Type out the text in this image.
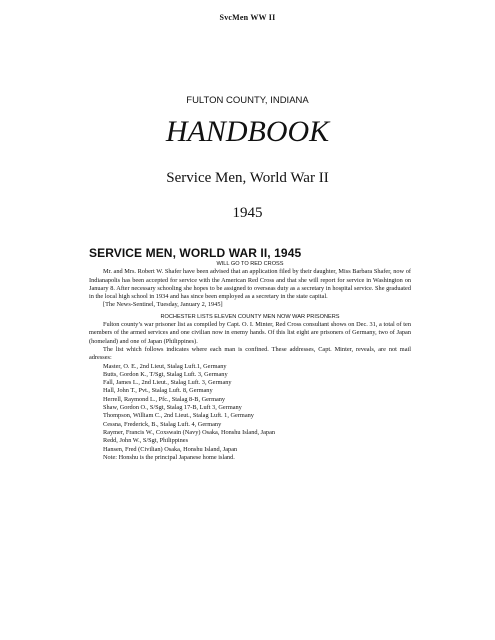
SvcMen WW II
FULTON COUNTY, INDIANA
HANDBOOK
Service Men, World War II
1945
SERVICE MEN, WORLD WAR II, 1945
WILL GO TO RED CROSS

Mr. and Mrs. Robert W. Shafer have been advised that an application filed by their daughter, Miss Barbara Shafer, now of Indianapolis has been accepted for service with the American Red Cross and that she will report for service in Washington on January 8. After necessary schooling she hopes to be assigned to overseas duty as a secretary in hospital service. She graduated in the local high school in 1934 and has since been employed as a secretary in the state capital.

[The News-Sentinel, Tuesday, January 2, 1945]

ROCHESTER LISTS ELEVEN COUNTY MEN NOW WAR PRISONERS

Fulton county’s war prisoner list as compiled by Capt. O. I. Minter, Red Cross consultant shows on Dec. 31, a total of ten members of the armed services and one civilian now in enemy hands. Of this list eight are prisoners of Germany, two of Japan (homeland) and one of Japan (Philippines).

The list which follows indicates where each man is confined. These addresses, Capt. Minter, reveals, are not mail adresses:

Master, O. E., 2nd Lieut, Stalag Luft.1, Germany
Butts, Gordon K., T/Sgt, Stalag Luft. 3, Germany
Fall, James L., 2nd Lieut., Stalag Luft. 3, Germany
Hall, John T., Pvt., Stalag Luft. 8, Germany
Herrell, Raymond L., Pfc., Stalag 8-B, Germany
Shaw, Gordon O., S/Sgt, Stalag 17-B, Luft 3, Germany
Thompson, William C., 2nd Lieut., Stalag Luft. 1, Germany
Cessna, Frederick, B., Stalag Luft. 4, Germany
Raymer, Francis W., Coxswain (Navy) Osaka, Honshu Island, Japan
Redd, John W., S/Sgt, Philippines
Hansen, Fred (Civilian) Osaka, Honshu Island, Japan
Note: Honshu is the principal Japanese home island.
